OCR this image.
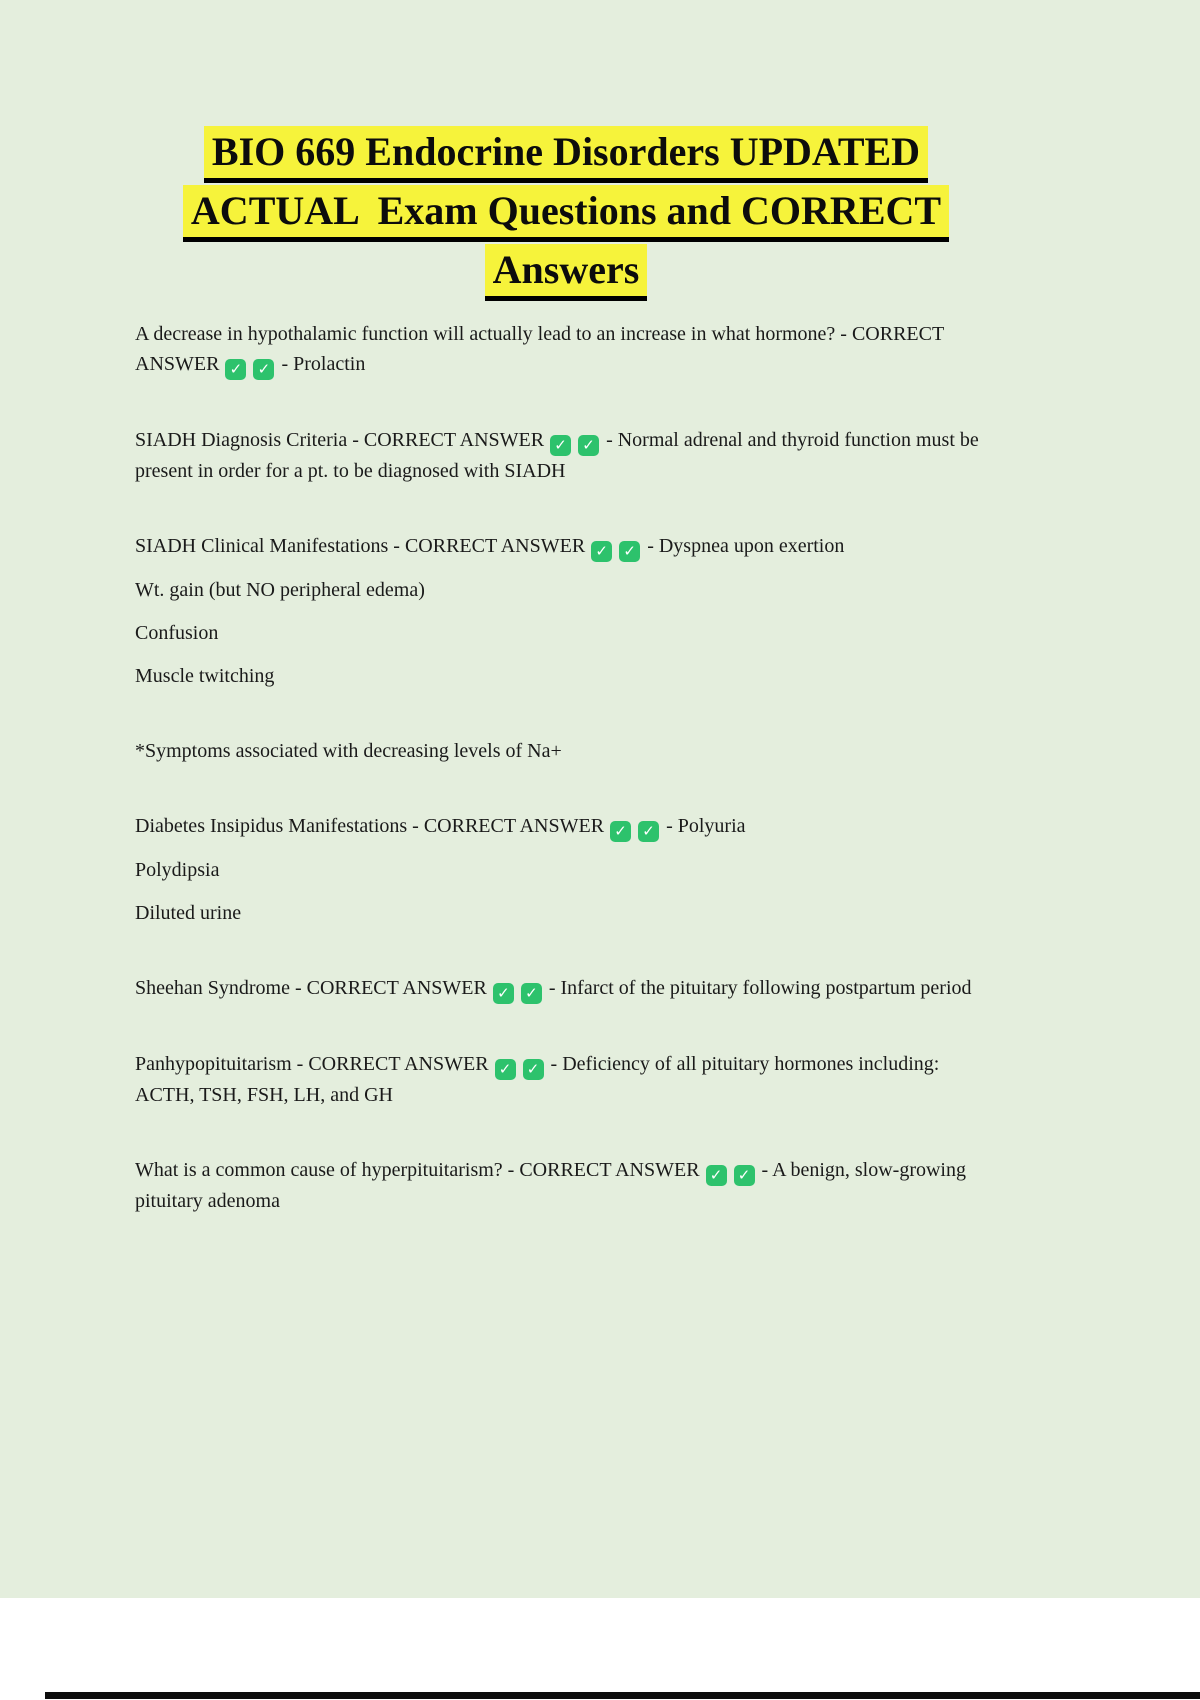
BIO 669 Endocrine Disorders UPDATED
ACTUAL  Exam Questions and CORRECT
Answers

A decrease in hypothalamic function will actually lead to an increase in what hormone? - CORRECT ANSWER ✓ ✓ - Prolactin

SIADH Diagnosis Criteria - CORRECT ANSWER ✓ ✓ - Normal adrenal and thyroid function must be present in order for a pt. to be diagnosed with SIADH

SIADH Clinical Manifestations - CORRECT ANSWER ✓ ✓ - Dyspnea upon exertion

Wt. gain (but NO peripheral edema)

Confusion

Muscle twitching

*Symptoms associated with decreasing levels of Na+

Diabetes Insipidus Manifestations - CORRECT ANSWER ✓ ✓ - Polyuria

Polydipsia

Diluted urine

Sheehan Syndrome - CORRECT ANSWER ✓ ✓ - Infarct of the pituitary following postpartum period

Panhypopituitarism - CORRECT ANSWER ✓ ✓ - Deficiency of all pituitary hormones including: ACTH, TSH, FSH, LH, and GH

What is a common cause of hyperpituitarism? - CORRECT ANSWER ✓ ✓ - A benign, slow-growing pituitary adenoma
